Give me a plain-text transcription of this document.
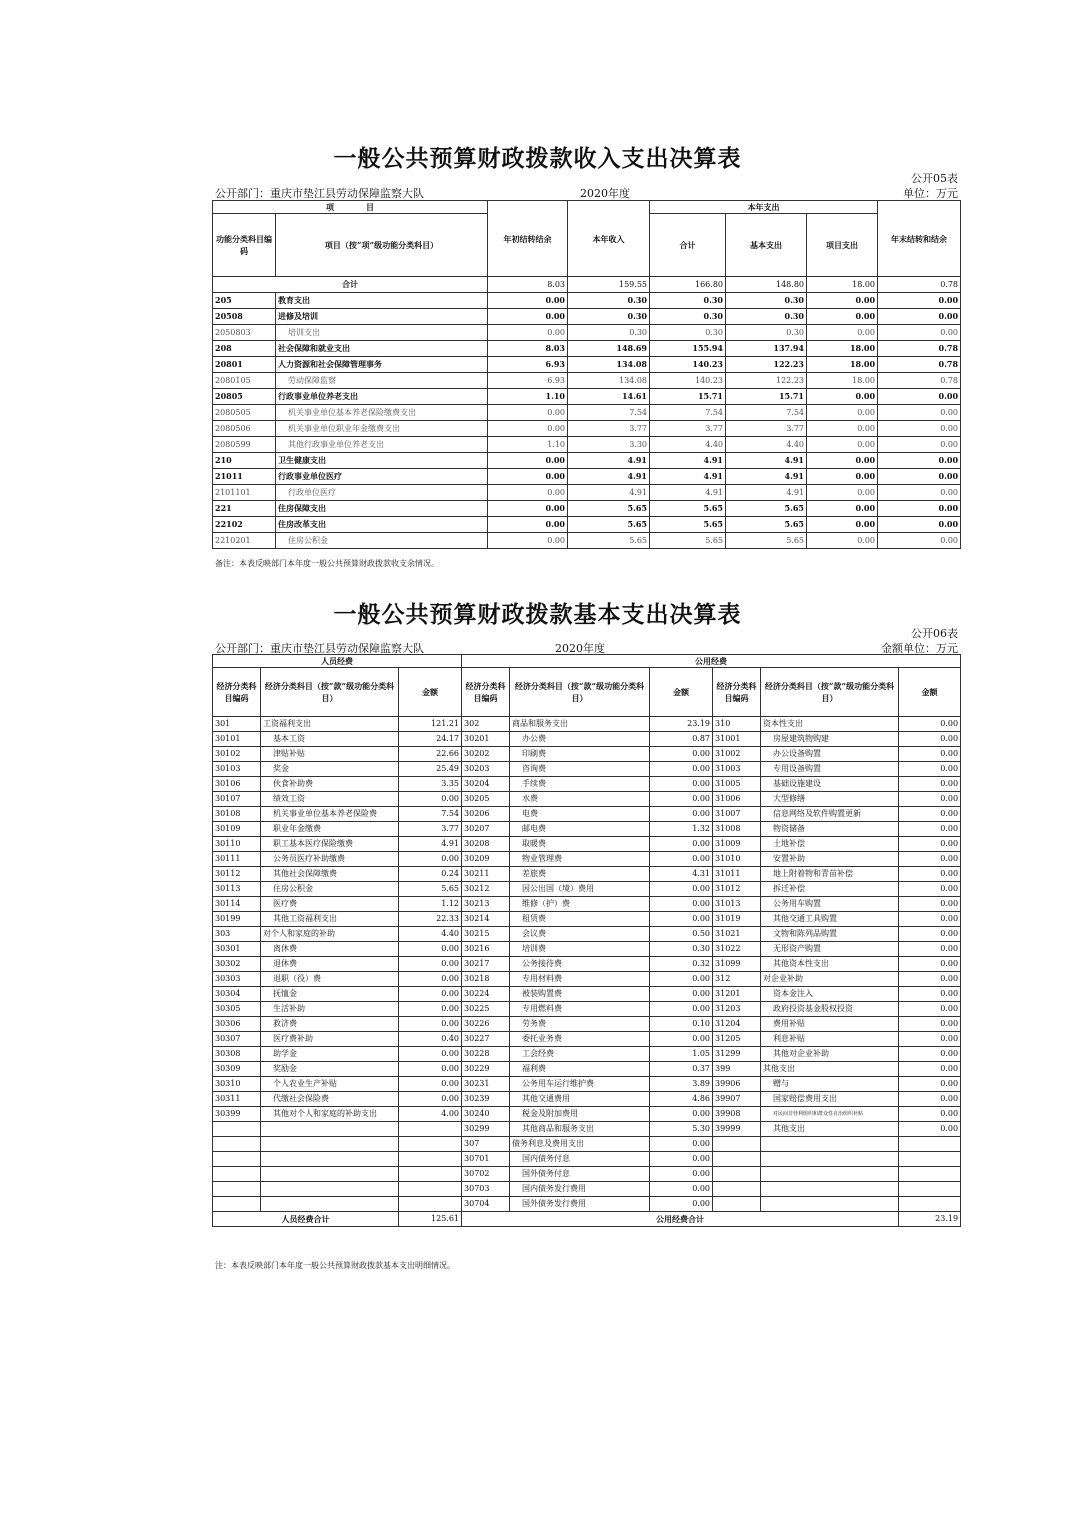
一般公共预算财政拨款收入支出决算表
公开05表
公开部门：重庆市垫江县劳动保障监察大队	2020年度	单位：万元
项　　　　目		年初结转结余	本年收入	本年支出			年末结转和结余
功能分类科目编码	项目（按“项”级功能分类科目）			合计	基本支出	项目支出	

合计		8.03	159.55	166.80	148.80	18.00	0.78
205	教育支出	0.00	0.30	0.30	0.30	0.00	0.00
20508	进修及培训	0.00	0.30	0.30	0.30	0.00	0.00
2050803	培训支出	0.00	0.30	0.30	0.30	0.00	0.00
208	社会保障和就业支出	8.03	148.69	155.94	137.94	18.00	0.78
20801	人力资源和社会保障管理事务	6.93	134.08	140.23	122.23	18.00	0.78
2080105	劳动保障监察	6.93	134.08	140.23	122.23	18.00	0.78
20805	行政事业单位养老支出	1.10	14.61	15.71	15.71	0.00	0.00
2080505	机关事业单位基本养老保险缴费支出	0.00	7.54	7.54	7.54	0.00	0.00
2080506	机关事业单位职业年金缴费支出	0.00	3.77	3.77	3.77	0.00	0.00
2080599	其他行政事业单位养老支出	1.10	3.30	4.40	4.40	0.00	0.00
210	卫生健康支出	0.00	4.91	4.91	4.91	0.00	0.00
21011	行政事业单位医疗	0.00	4.91	4.91	4.91	0.00	0.00
2101101	行政单位医疗	0.00	4.91	4.91	4.91	0.00	0.00
221	住房保障支出	0.00	5.65	5.65	5.65	0.00	0.00
22102	住房改革支出	0.00	5.65	5.65	5.65	0.00	0.00
2210201	住房公积金	0.00	5.65	5.65	5.65	0.00	0.00
备注：本表反映部门本年度一般公共预算财政拨款收支余情况。
一般公共预算财政拨款基本支出决算表
公开06表
公开部门：重庆市垫江县劳动保障监察大队	2020年度	金额单位：万元
人员经费			公用经费					
经济分类科目编码	经济分类科目（按“款”级功能分类科目）	金额	经济分类科目编码	经济分类科目（按“款”级功能分类科目）	金额	经济分类科目编码	经济分类科目（按“款”级功能分类科目）	金额
301	工资福利支出	121.21	302	商品和服务支出	23.19	310	资本性支出	0.00
30101	基本工资	24.17	30201	办公费	0.87	31001	房屋建筑物购建	0.00
30102	津贴补贴	22.66	30202	印刷费	0.00	31002	办公设备购置	0.00
30103	奖金	25.49	30203	咨询费	0.00	31003	专用设备购置	0.00
30106	伙食补助费	3.35	30204	手续费	0.00	31005	基础设施建设	0.00
30107	绩效工资	0.00	30205	水费	0.00	31006	大型修缮	0.00
30108	机关事业单位基本养老保险费	7.54	30206	电费	0.00	31007	信息网络及软件购置更新	0.00
30109	职业年金缴费	3.77	30207	邮电费	1.32	31008	物资储备	0.00
30110	职工基本医疗保险缴费	4.91	30208	取暖费	0.00	31009	土地补偿	0.00
30111	公务员医疗补助缴费	0.00	30209	物业管理费	0.00	31010	安置补助	0.00
30112	其他社会保障缴费	0.24	30211	差旅费	4.31	31011	地上附着物和青苗补偿	0.00
30113	住房公积金	5.65	30212	因公出国（境）费用	0.00	31012	拆迁补偿	0.00
30114	医疗费	1.12	30213	维修（护）费	0.00	31013	公务用车购置	0.00
30199	其他工资福利支出	22.33	30214	租赁费	0.00	31019	其他交通工具购置	0.00
303	对个人和家庭的补助	4.40	30215	会议费	0.50	31021	文物和陈列品购置	0.00
30301	离休费	0.00	30216	培训费	0.30	31022	无形资产购置	0.00
30302	退休费	0.00	30217	公务接待费	0.32	31099	其他资本性支出	0.00
30303	退职（役）费	0.00	30218	专用材料费	0.00	312	对企业补助	0.00
30304	抚恤金	0.00	30224	被装购置费	0.00	31201	资本金注入	0.00
30305	生活补助	0.00	30225	专用燃料费	0.00	31203	政府投资基金股权投资	0.00
30306	救济费	0.00	30226	劳务费	0.10	31204	费用补贴	0.00
30307	医疗费补助	0.40	30227	委托业务费	0.00	31205	利息补贴	0.00
30308	助学金	0.00	30228	工会经费	1.05	31299	其他对企业补助	0.00
30309	奖励金	0.00	30229	福利费	0.37	399	其他支出	0.00
30310	个人农业生产补贴	0.00	30231	公务用车运行维护费	3.89	39906	赠与	0.00
30311	代缴社会保险费	0.00	30239	其他交通费用	4.86	39907	国家赔偿费用支出	0.00
30399	其他对个人和家庭的补助支出	4.00	30240	税金及附加费用	0.00	39908	对民间非营利组织和群众性自治组织补贴	0.00
			30299	其他商品和服务支出	5.30	39999	其他支出	0.00
			307	债务利息及费用支出	0.00			
			30701	国内债务付息	0.00			
			30702	国外债务付息	0.00			
			30703	国内债务发行费用	0.00			
			30704	国外债务发行费用	0.00			
人员经费合计		125.61	公用经费合计					23.19
注：本表反映部门本年度一般公共预算财政拨款基本支出明细情况。
